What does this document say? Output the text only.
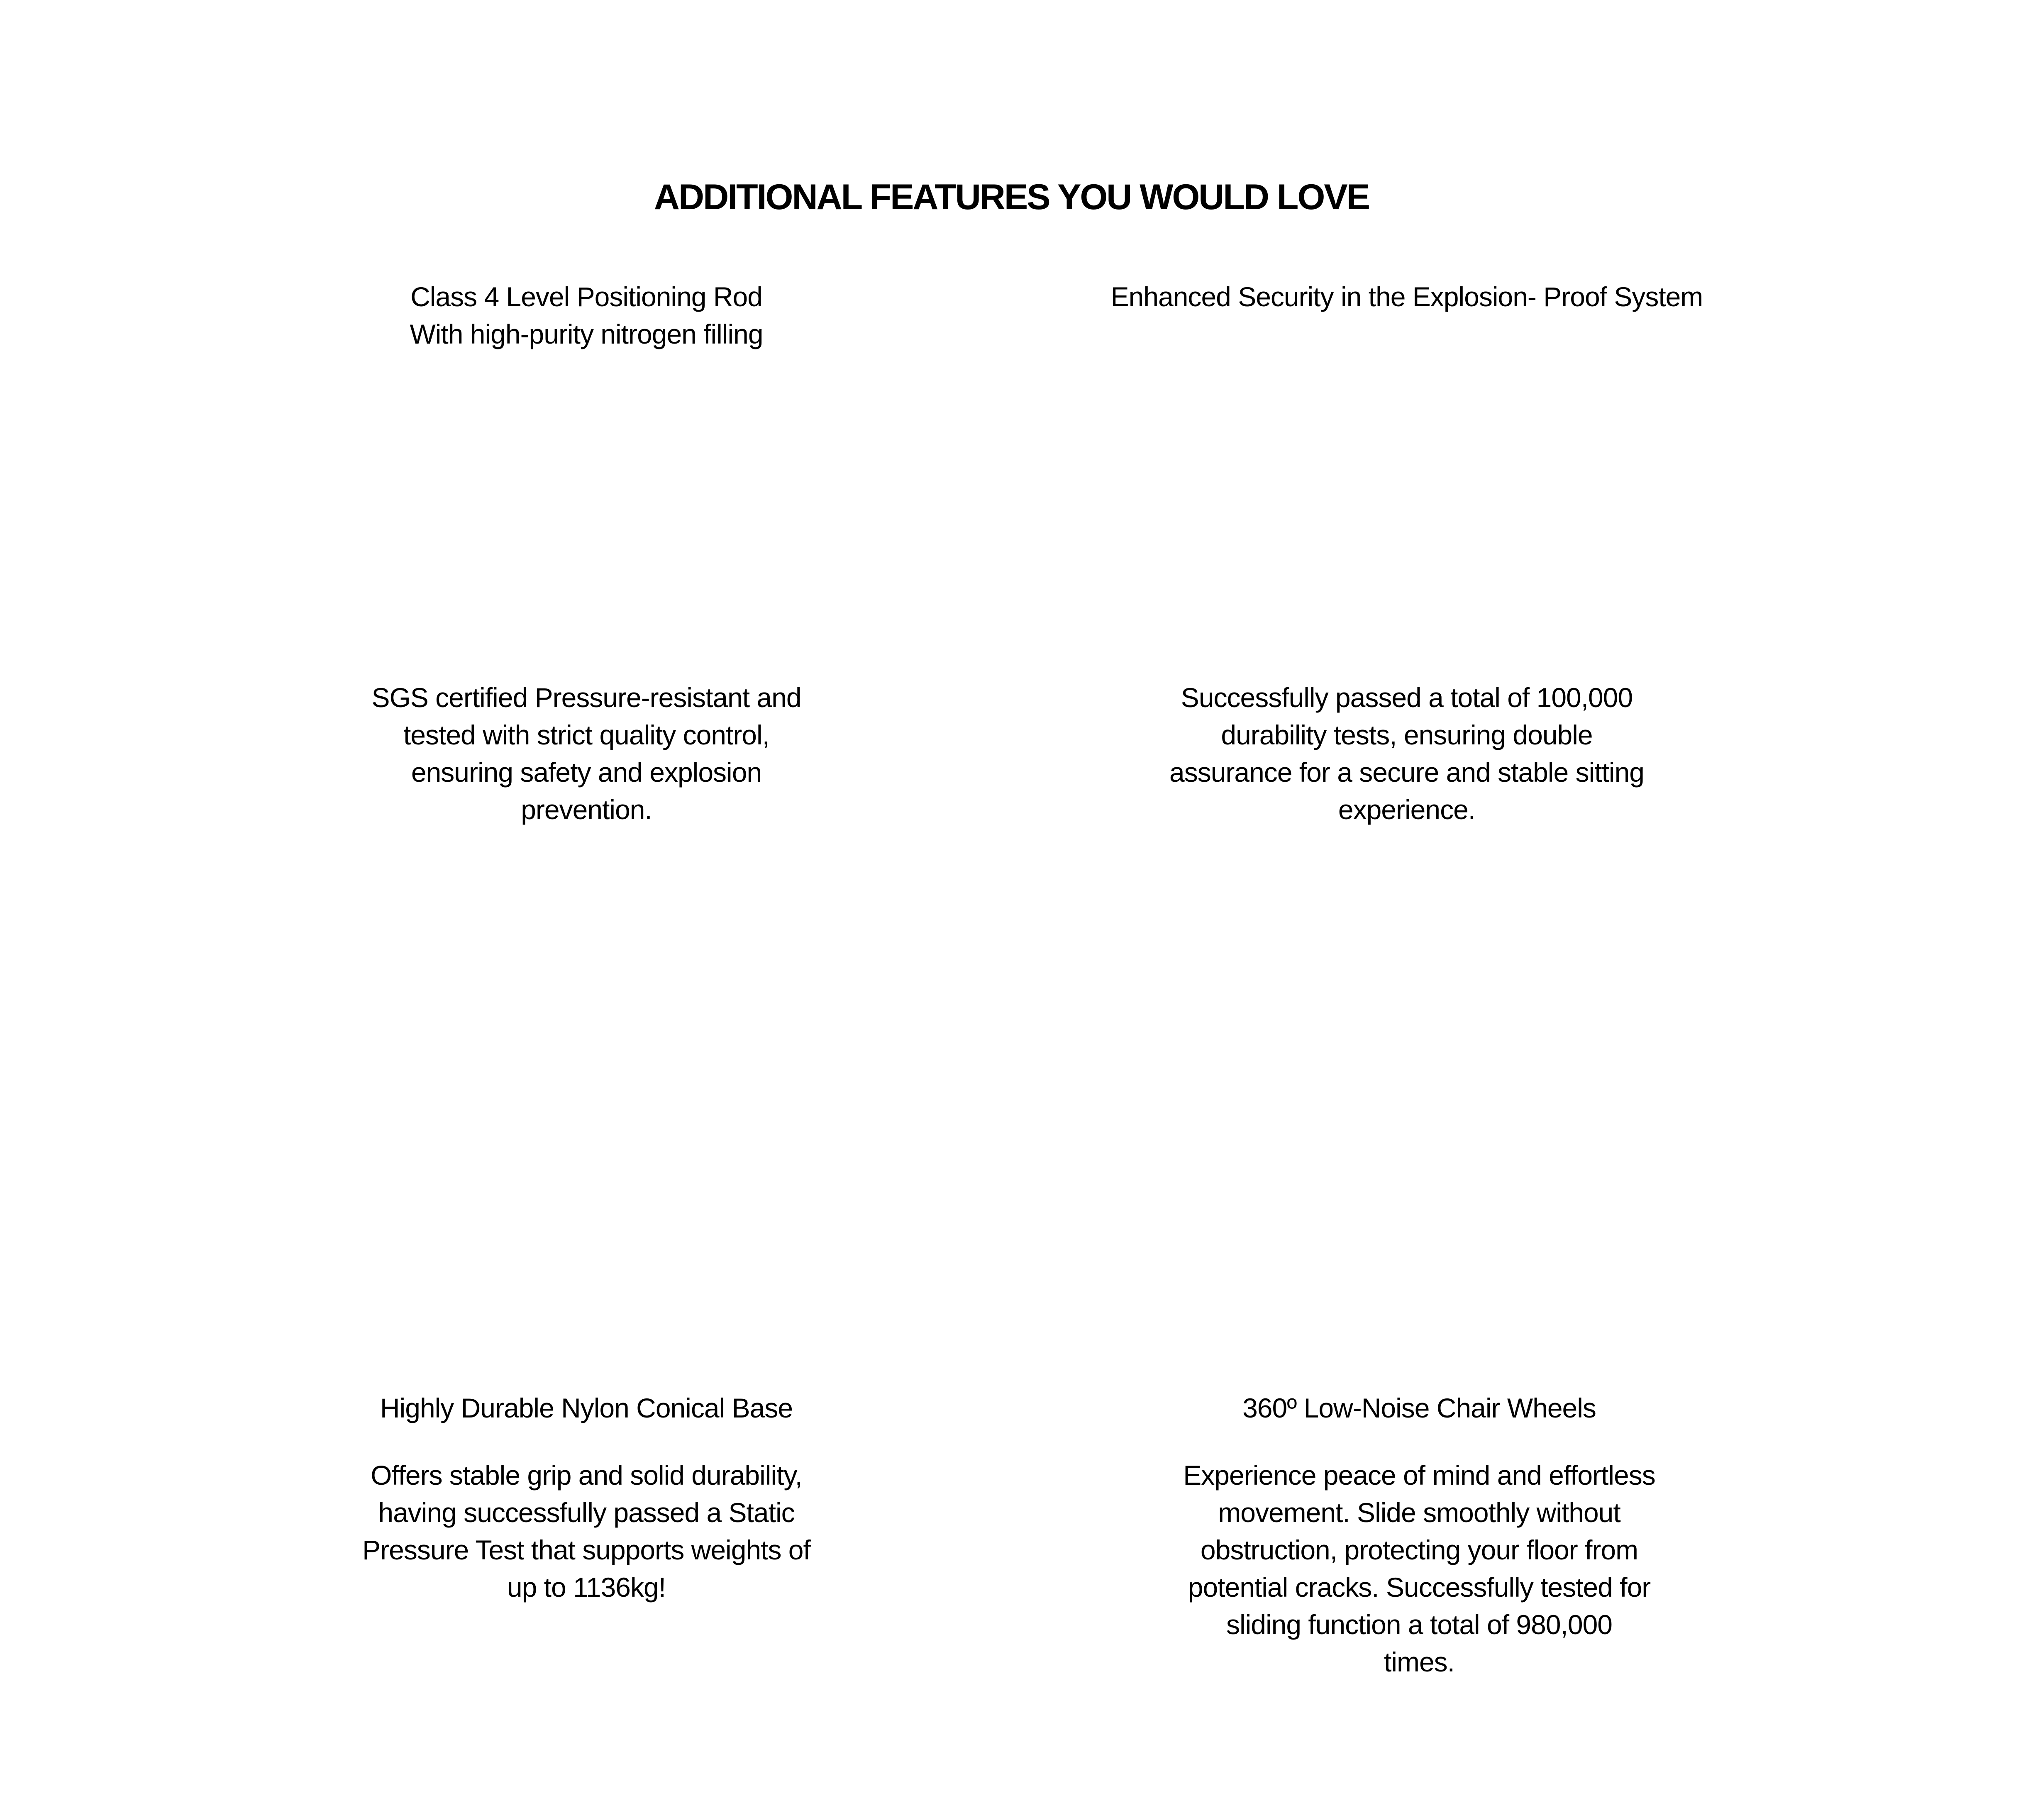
ADDITIONAL FEATURES YOU WOULD LOVE
Class 4 Level Positioning Rod
With high-purity nitrogen filling
SGS certified Pressure-resistant and
tested with strict quality control,
ensuring safety and explosion
prevention.
Enhanced Security in the Explosion- Proof System
Successfully passed a total of 100,000
durability tests, ensuring double
assurance for a secure and stable sitting
experience.
Highly Durable Nylon Conical Base
Offers stable grip and solid durability,
having successfully passed a Static
Pressure Test that supports weights of
up to 1136kg!
360º Low-Noise Chair Wheels
Experience peace of mind and effortless
movement. Slide smoothly without
obstruction, protecting your floor from
potential cracks. Successfully tested for
sliding function a total of 980,000
times.
